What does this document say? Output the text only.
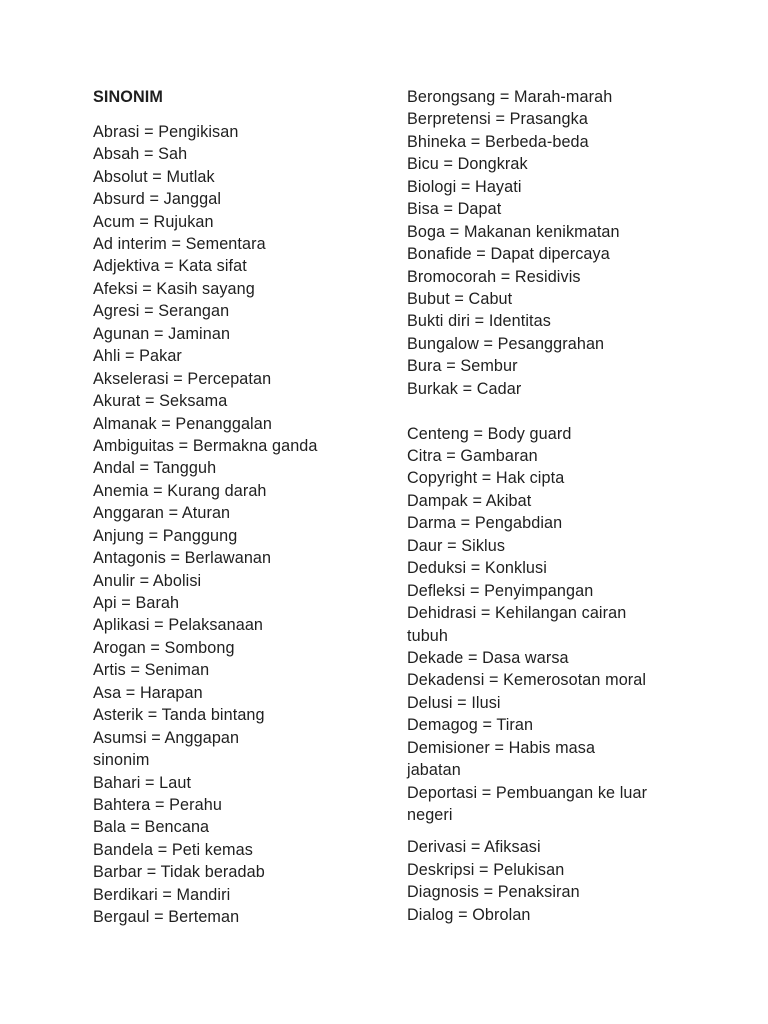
SINONIM
Abrasi = Pengikisan
Absah = Sah
Absolut = Mutlak
Absurd = Janggal
Acum = Rujukan
Ad interim = Sementara
Adjektiva = Kata sifat
Afeksi = Kasih sayang
Agresi = Serangan
Agunan = Jaminan
Ahli = Pakar
Akselerasi = Percepatan
Akurat = Seksama
Almanak = Penanggalan
Ambiguitas = Bermakna ganda
Andal = Tangguh
Anemia = Kurang darah
Anggaran = Aturan
Anjung = Panggung
Antagonis = Berlawanan
Anulir = Abolisi
Api = Barah
Aplikasi = Pelaksanaan
Arogan = Sombong
Artis = Seniman
Asa = Harapan
Asterik = Tanda bintang
Asumsi = Anggapan
sinonim
Bahari = Laut
Bahtera = Perahu
Bala = Bencana
Bandela = Peti kemas
Barbar = Tidak beradab
Berdikari = Mandiri
Bergaul = Berteman
Berongsang = Marah-marah
Berpretensi = Prasangka
Bhineka = Berbeda-beda
Bicu = Dongkrak
Biologi = Hayati
Bisa = Dapat
Boga = Makanan kenikmatan
Bonafide = Dapat dipercaya
Bromocorah = Residivis
Bubut = Cabut
Bukti diri = Identitas
Bungalow = Pesanggrahan
Bura = Sembur
Burkak = Cadar
Centeng = Body guard
Citra = Gambaran
Copyright = Hak cipta
Dampak = Akibat
Darma = Pengabdian
Daur = Siklus
Deduksi = Konklusi
Defleksi = Penyimpangan
Dehidrasi = Kehilangan cairan
tubuh
Dekade = Dasa warsa
Dekadensi = Kemerosotan moral
Delusi = Ilusi
Demagog = Tiran
Demisioner = Habis masa
jabatan
Deportasi = Pembuangan ke luar
negeri
Derivasi = Afiksasi
Deskripsi = Pelukisan
Diagnosis = Penaksiran
Dialog = Obrolan
